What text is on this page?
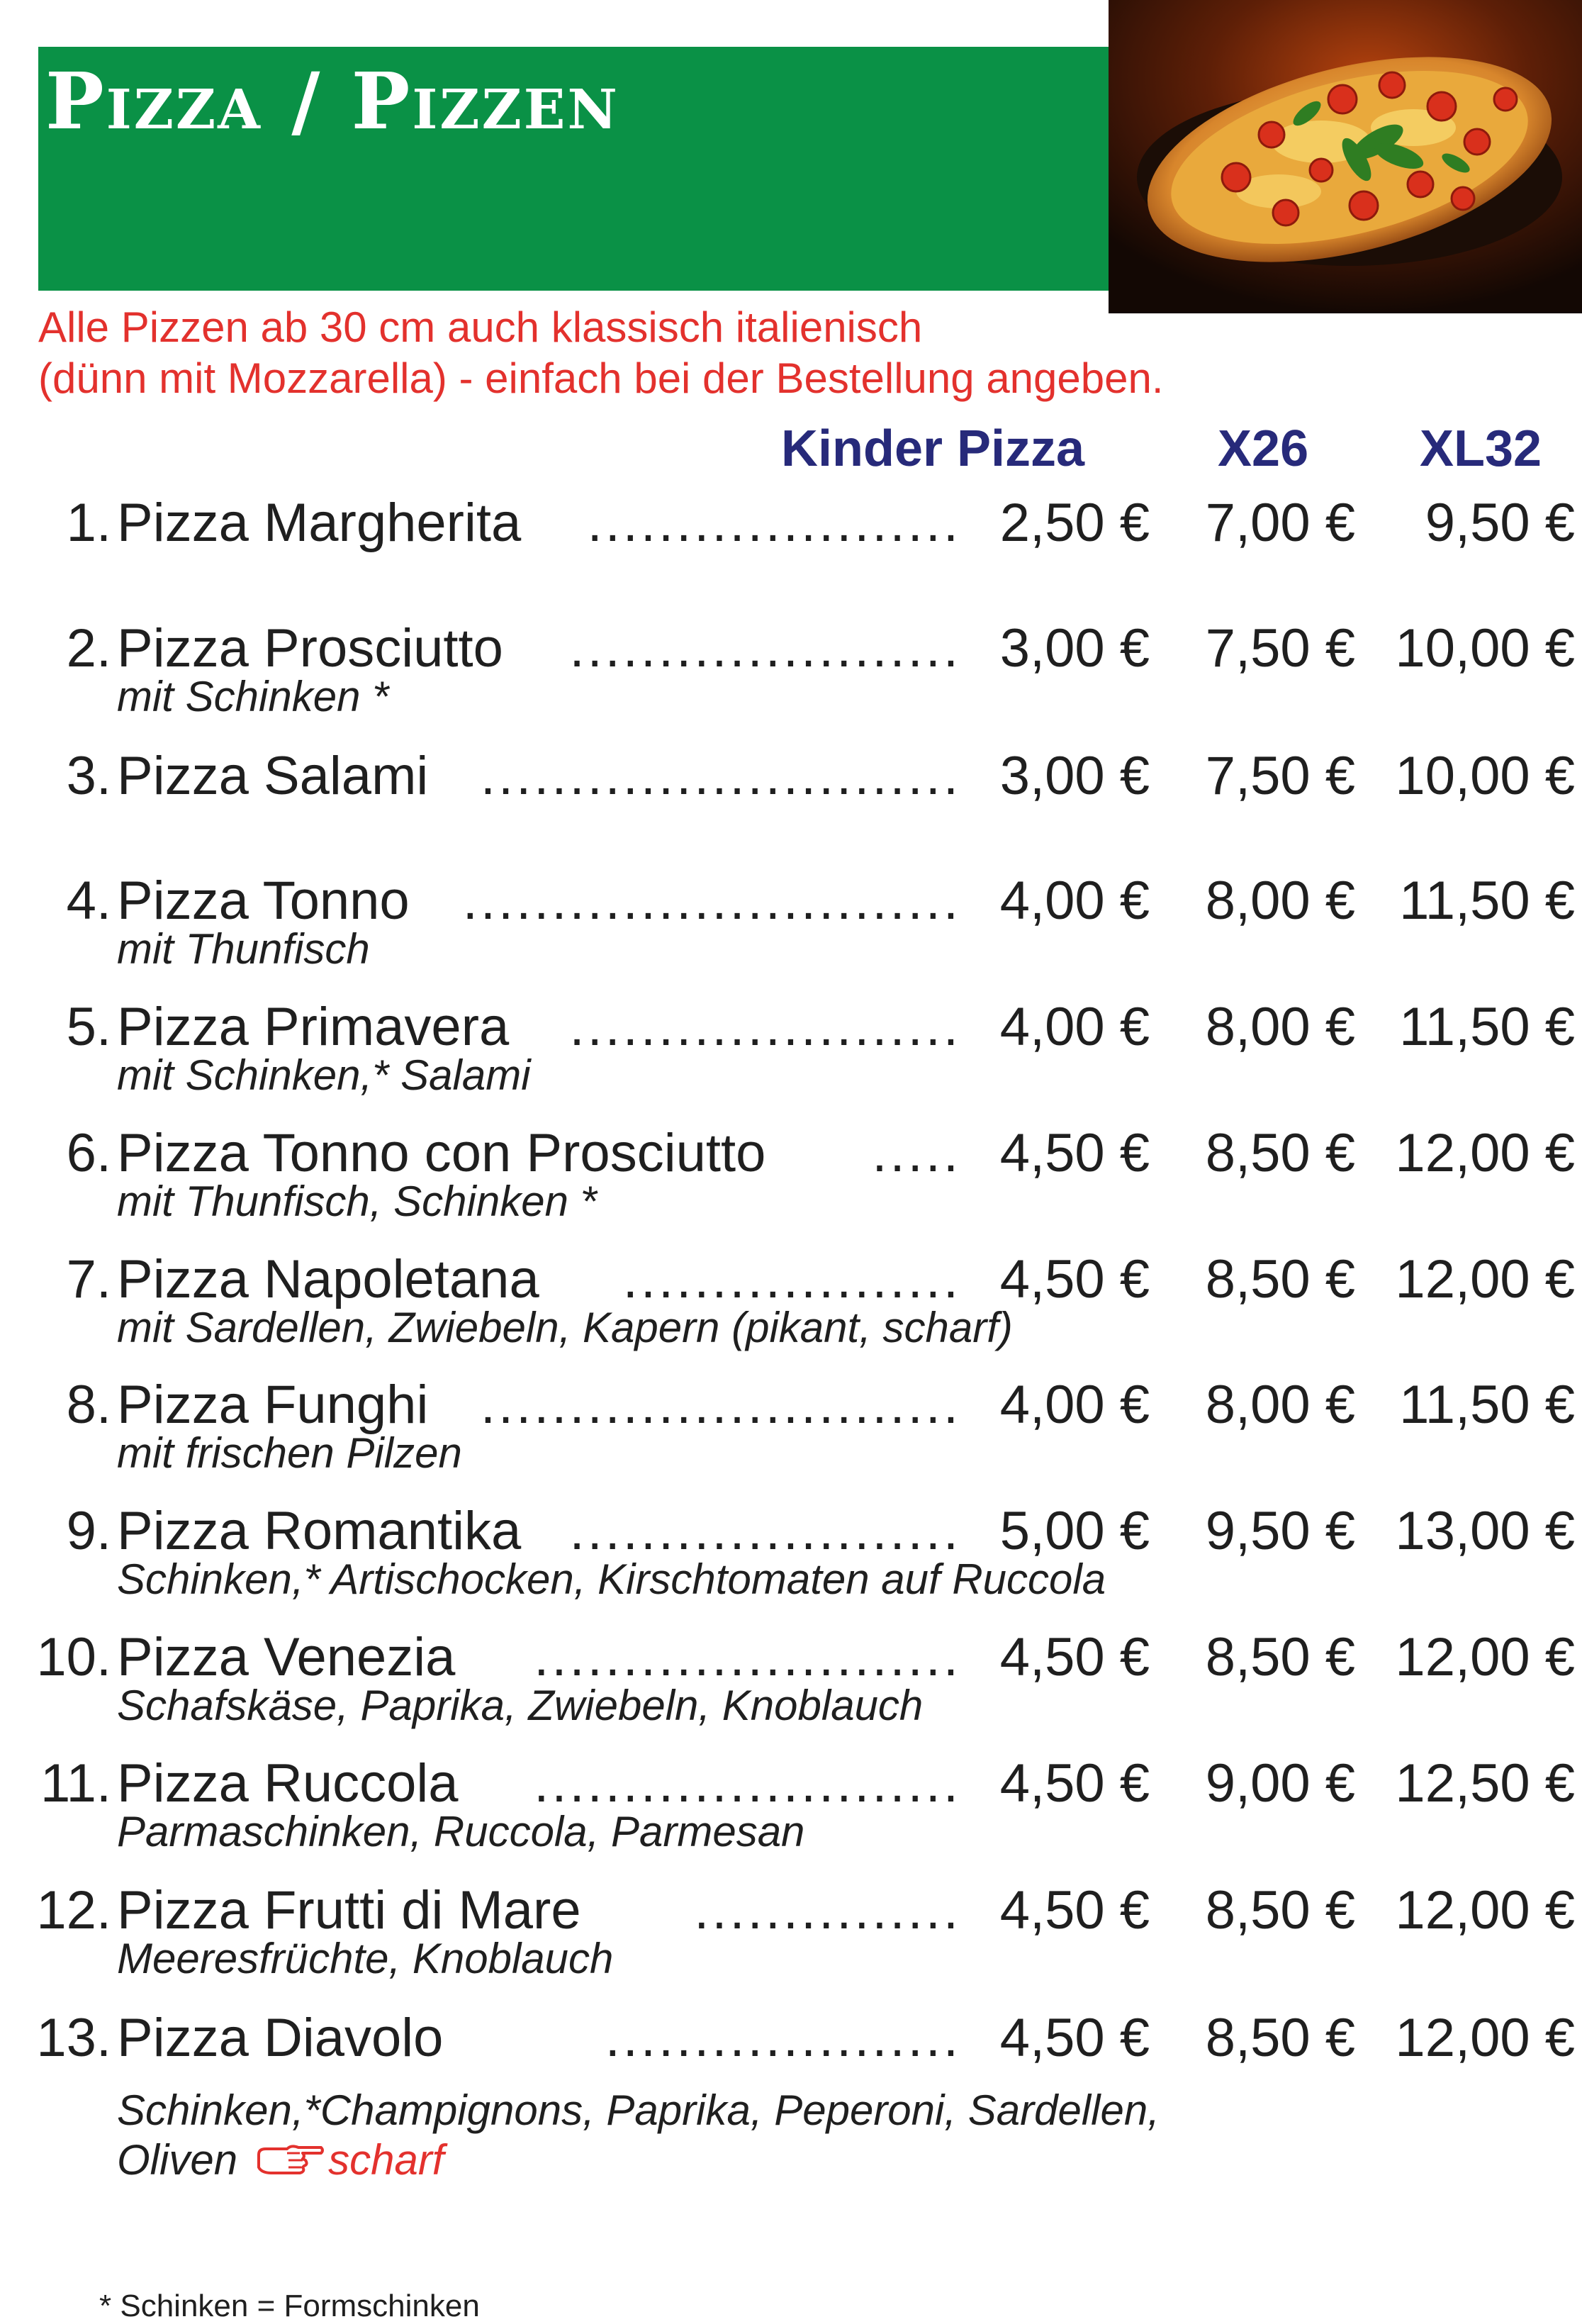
Pizza / Pizzen
Alle Pizzen ab 30 cm auch klassisch italienisch
(dünn mit Mozzarella) - einfach bei der Bestellung angeben.
Kinder Pizza	X26 XL32
1. Pizza Margherita ..................... 2,50 € 7,00 € 9,50 €
2. Pizza Prosciutto ...................... 3,00 € 7,50 € 10,00 €
mit Schinken *
3. Pizza Salami ........................... 3,00 € 7,50 € 10,00 €
4. Pizza Tonno ............................ 4,00 € 8,00 € 11,50 €
mit Thunfisch
5. Pizza Primavera ...................... 4,00 € 8,00 € 11,50 €
mit Schinken,* Salami
6. Pizza Tonno con Prosciutto ..... 4,50 € 8,50 € 12,00 €
mit Thunfisch, Schinken *
7. Pizza Napoletana ................... 4,50 € 8,50 € 12,00 €
mit Sardellen, Zwiebeln, Kapern (pikant, scharf)
8. Pizza Funghi ........................... 4,00 € 8,00 € 11,50 €
mit frischen Pilzen
9. Pizza Romantika ...................... 5,00 € 9,50 € 13,00 €
Schinken,* Artischocken, Kirschtomaten auf Ruccola
10. Pizza Venezia ........................ 4,50 € 8,50 € 12,00 €
Schafskäse, Paprika, Zwiebeln, Knoblauch
11. Pizza Ruccola ........................ 4,50 € 9,00 € 12,50 €
Parmaschinken, Ruccola, Parmesan
12. Pizza Frutti di Mare ............... 4,50 € 8,50 € 12,00 €
Meeresfrüchte, Knoblauch
13. Pizza Diavolo	.................... 4,50 € 8,50 € 12,00 €
Schinken,*Champignons, Paprika, Peperoni, Sardellen,
Oliven scharf
* Schinken = Formschinken
